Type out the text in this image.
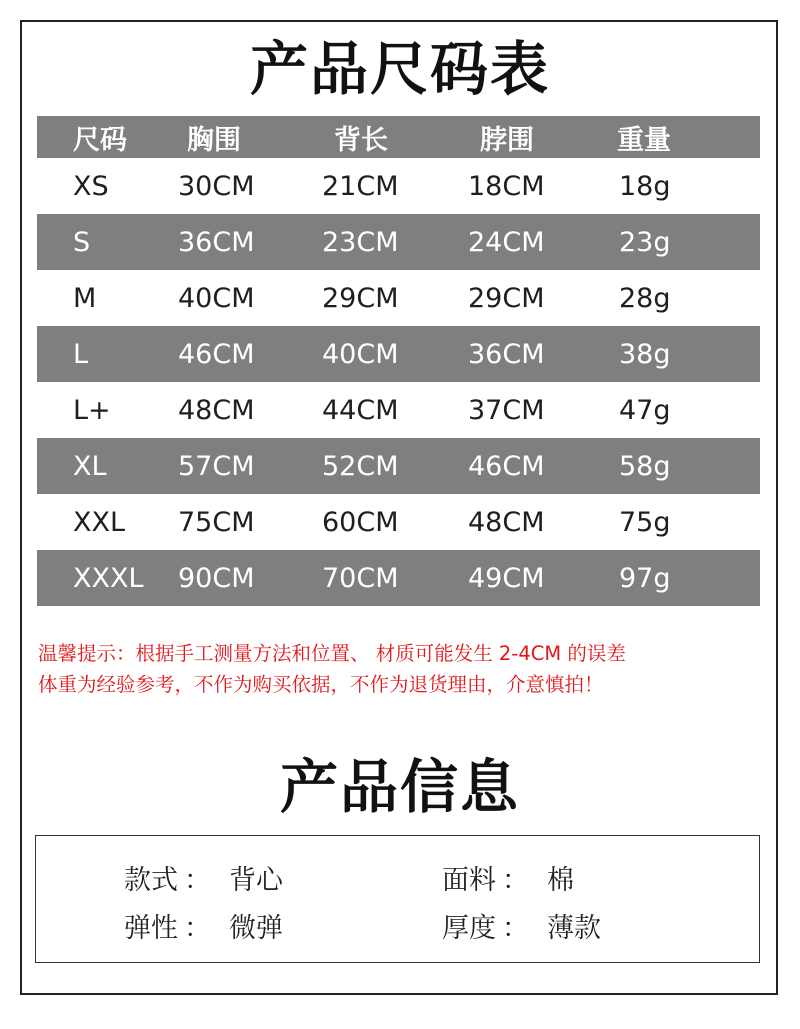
产品尺码表
尺码 胸围	背长	脖围	重量
XS	30CM 21CM	18CM	18g
S	36CM 23CM	24CM	23g
M	40CM 29CM	29CM	28g
L	46CM 40CM	36CM	38g
L+ 48CM 44CM	37CM	47g
XL	57CM 52CM	46CM	58g
XXL 75CM 60CM	48CM	75g
XXXL 90CM 70CM	49CM	97g
温馨提示：根据手工测量方法和位置、 材质可能发生 2-4CM 的误差
体重为经验参考，不作为购买依据，不作为退货理由，介意慎拍！
产品信息
款式 ： 背心	面料 ： 棉
弹性 ： 微弹	厚度 ： 薄款
